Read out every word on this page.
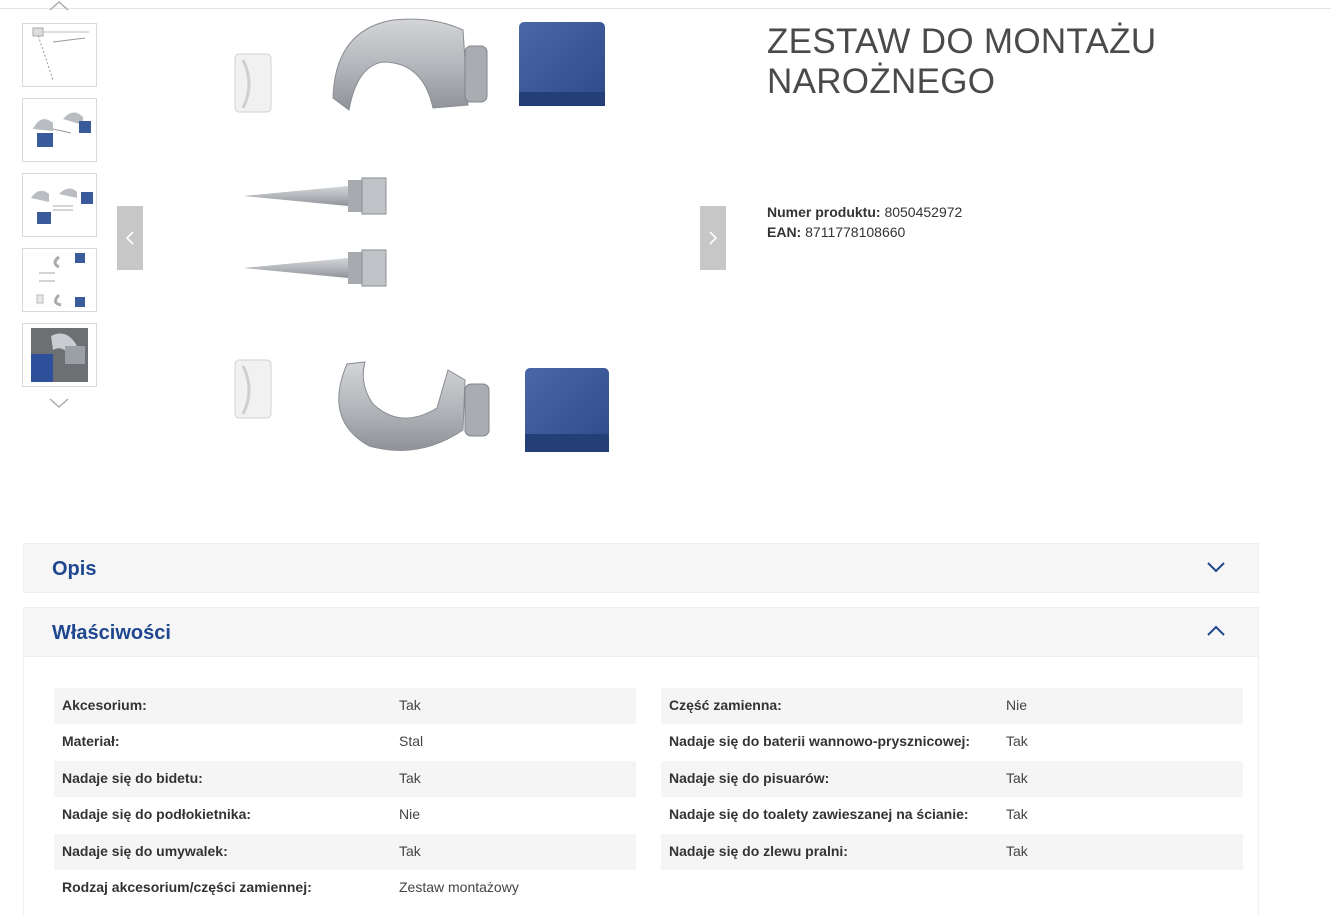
ZESTAW DO MONTAŻU NAROŻNEGO
Numer produktu: 8050452972
EAN: 8711778108660
Opis
Właściwości
Akcesorium:	Tak
Materiał:	Stal
Nadaje się do bidetu:	Tak
Nadaje się do podłokietnika:	Nie
Nadaje się do umywalek:	Tak
Rodzaj akcesorium/części zamiennej:	Zestaw montażowy
Część zamienna:	Nie
Nadaje się do baterii wannowo-prysznicowej:	Tak
Nadaje się do pisuarów:	Tak
Nadaje się do toalety zawieszanej na ścianie:	Tak
Nadaje się do zlewu pralni:	Tak
